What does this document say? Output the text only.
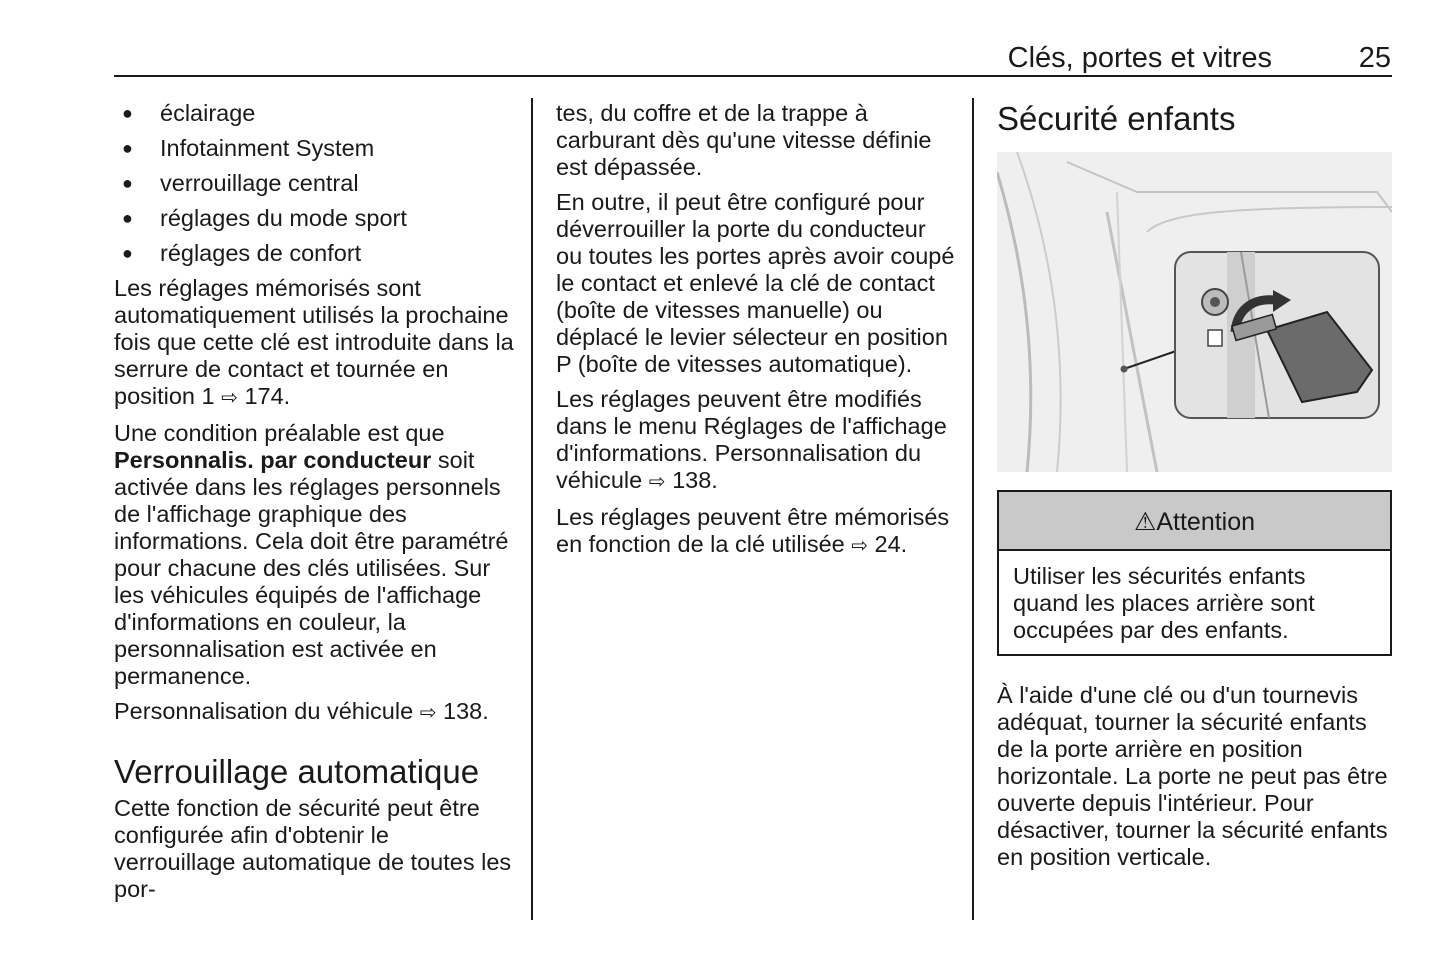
Clés, portes et vitres	25
● éclairage
● Infotainment System
● verrouillage central
● réglages du mode sport
● réglages de confort

Les réglages mémorisés sont automatiquement utilisés la prochaine fois que cette clé est introduite dans la serrure de contact et tournée en position 1 ⇨ 174.

Une condition préalable est que Personnalis. par conducteur soit activée dans les réglages personnels de l'affichage graphique des informations. Cela doit être paramétré pour chacune des clés utilisées. Sur les véhicules équipés de l'affichage d'informations en couleur, la personnalisation est activée en permanence.

Personnalisation du véhicule ⇨ 138.

Verrouillage automatique

Cette fonction de sécurité peut être configurée afin d'obtenir le verrouillage automatique de toutes les por-

tes, du coffre et de la trappe à carburant dès qu'une vitesse définie est dépassée.

En outre, il peut être configuré pour déverrouiller la porte du conducteur ou toutes les portes après avoir coupé le contact et enlevé la clé de contact (boîte de vitesses manuelle) ou déplacé le levier sélecteur en position P (boîte de vitesses automatique).

Les réglages peuvent être modifiés dans le menu Réglages de l'affichage d'informations. Personnalisation du véhicule ⇨ 138.

Les réglages peuvent être mémorisés en fonction de la clé utilisée ⇨ 24.

Sécurité enfants
⚠Attention
Utiliser les sécurités enfants quand les places arrière sont occupées par des enfants.

À l'aide d'une clé ou d'un tournevis adéquat, tourner la sécurité enfants de la porte arrière en position horizontale. La porte ne peut pas être ouverte depuis l'intérieur. Pour désactiver, tourner la sécurité enfants en position verticale.
